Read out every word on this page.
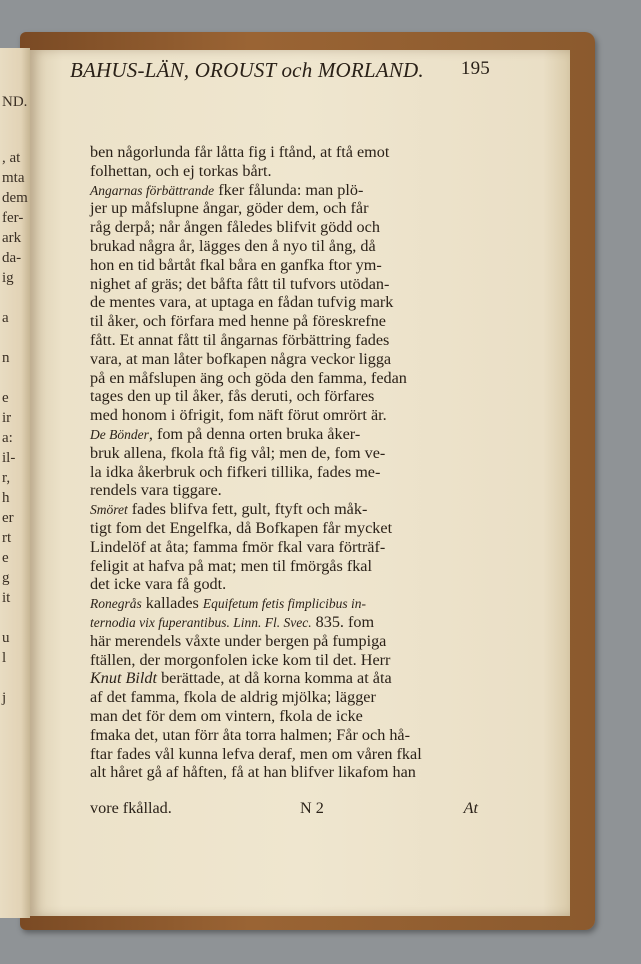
ND.
, at
mta
dem
fer-
ark
da-
ig
a
n
e
ir
a:
il-
r,
h
er
rt
e
g
it
u
l
j
BAHUS-LÄN, OROUST och MORLAND. 195
ben någorlunda får låtta fig i ftånd, at ftå emot
folhettan, och ej torkas bårt.
Angarnas förbättrande fker fålunda: man plö-
jer up måfslupne ångar, göder dem, och får
råg derpå; når ången fåledes blifvit gödd och
brukad några år, lägges den å nyo til ång, då
hon en tid bårtåt fkal båra en ganfka ftor ym-
nighet af gräs; det båfta fått til tufvors utödan-
de mentes vara, at uptaga en fådan tufvig mark
til åker, och förfara med henne på föreskrefne
fått. Et annat fått til ångarnas förbättring fades
vara, at man låter bofkapen några veckor ligga
på en måfslupen äng och göda den famma, fedan
tages den up til åker, fås deruti, och förfares
med honom i öfrigit, fom näft förut omrört är.
De Bönder, fom på denna orten bruka åker-
bruk allena, fkola ftå fig vål; men de, fom ve-
la idka åkerbruk och fifkeri tillika, fades me-
rendels vara tiggare.
Smöret fades blifva fett, gult, ftyft och måk-
tigt fom det Engelfka, då Bofkapen får mycket
Lindelöf at åta; famma fmör fkal vara förträf-
feligit at hafva på mat; men til fmörgås fkal
det icke vara få godt.
Ronegrås kallades Equifetum fetis fimplicibus in-
ternodia vix fuperantibus. Linn. Fl. Svec. 835. fom
här merendels våxte under bergen på fumpiga
ftällen, der morgonfolen icke kom til det. Herr
Knut Bildt berättade, at då korna komma at åta
af det famma, fkola de aldrig mjölka; lägger
man det för dem om vintern, fkola de icke
fmaka det, utan förr åta torra halmen; Får och hå-
ftar fades vål kunna lefva deraf, men om våren fkal
alt håret gå af håften, få at han blifver likafom han
vore fkållad.	N 2	At
